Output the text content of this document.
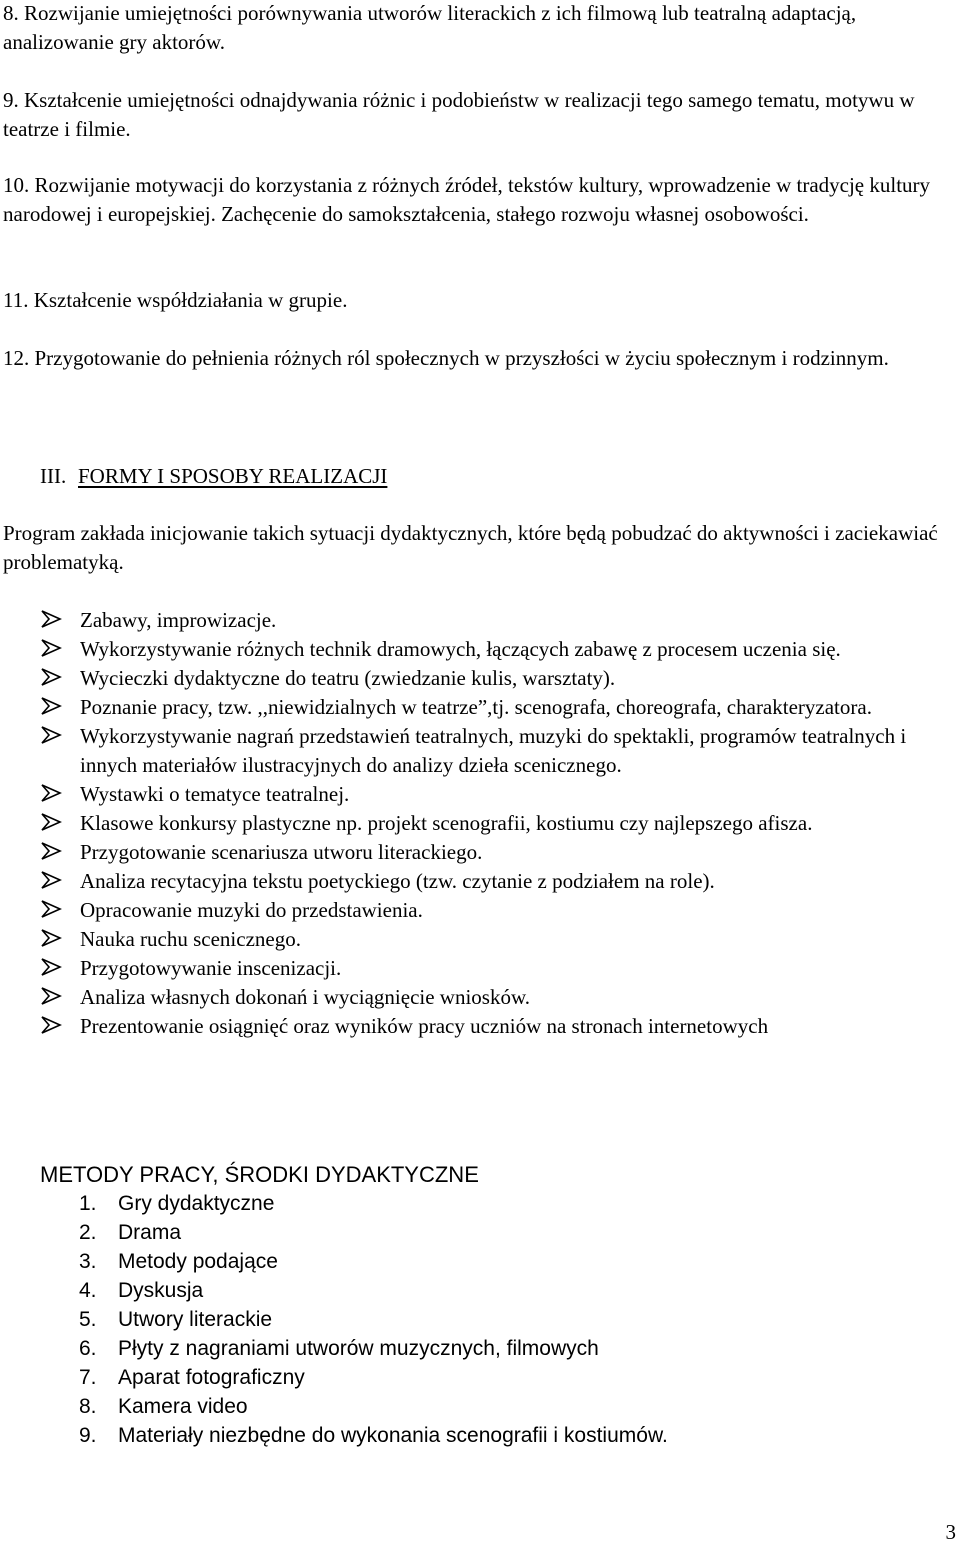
8. Rozwijanie umiejętności porównywania utworów literackich z ich filmową lub teatralną adaptacją, analizowanie gry aktorów.

9. Kształcenie umiejętności odnajdywania różnic i podobieństw w realizacji tego samego tematu, motywu w teatrze i filmie.

10. Rozwijanie motywacji do korzystania z różnych źródeł, tekstów kultury, wprowadzenie w tradycję kultury narodowej i europejskiej. Zachęcenie do samokształcenia, stałego rozwoju własnej osobowości.

11. Kształcenie współdziałania w grupie.

12. Przygotowanie do pełnienia różnych ról społecznych w przyszłości w życiu społecznym i rodzinnym.

III. FORMY I SPOSOBY REALIZACJI

Program zakłada inicjowanie takich sytuacji dydaktycznych, które będą pobudzać do aktywności i zaciekawiać problematyką.

Zabawy, improwizacje.
Wykorzystywanie różnych technik dramowych, łączących zabawę z procesem uczenia się.
Wycieczki dydaktyczne do teatru (zwiedzanie kulis, warsztaty).
Poznanie pracy, tzw. ,,niewidzialnych w teatrze”,tj. scenografa, choreografa, charakteryzatora.
Wykorzystywanie nagrań przedstawień teatralnych, muzyki do spektakli, programów teatralnych i innych materiałów ilustracyjnych do analizy dzieła scenicznego.
Wystawki o tematyce teatralnej.
Klasowe konkursy plastyczne np. projekt scenografii, kostiumu czy najlepszego afisza.
Przygotowanie scenariusza utworu literackiego.
Analiza recytacyjna tekstu poetyckiego (tzw. czytanie z podziałem na role).
Opracowanie muzyki do przedstawienia.
Nauka ruchu scenicznego.
Przygotowywanie inscenizacji.
Analiza własnych dokonań i wyciągnięcie wniosków.
Prezentowanie osiągnięć oraz wyników pracy uczniów na stronach internetowych
METODY PRACY, ŚRODKI DYDAKTYCZNE
1. Gry dydaktyczne
2. Drama
3. Metody podające
4. Dyskusja
5. Utwory literackie
6. Płyty z nagraniami utworów muzycznych, filmowych
7. Aparat fotograficzny
8. Kamera video
9. Materiały niezbędne do wykonania scenografii i kostiumów.
3
